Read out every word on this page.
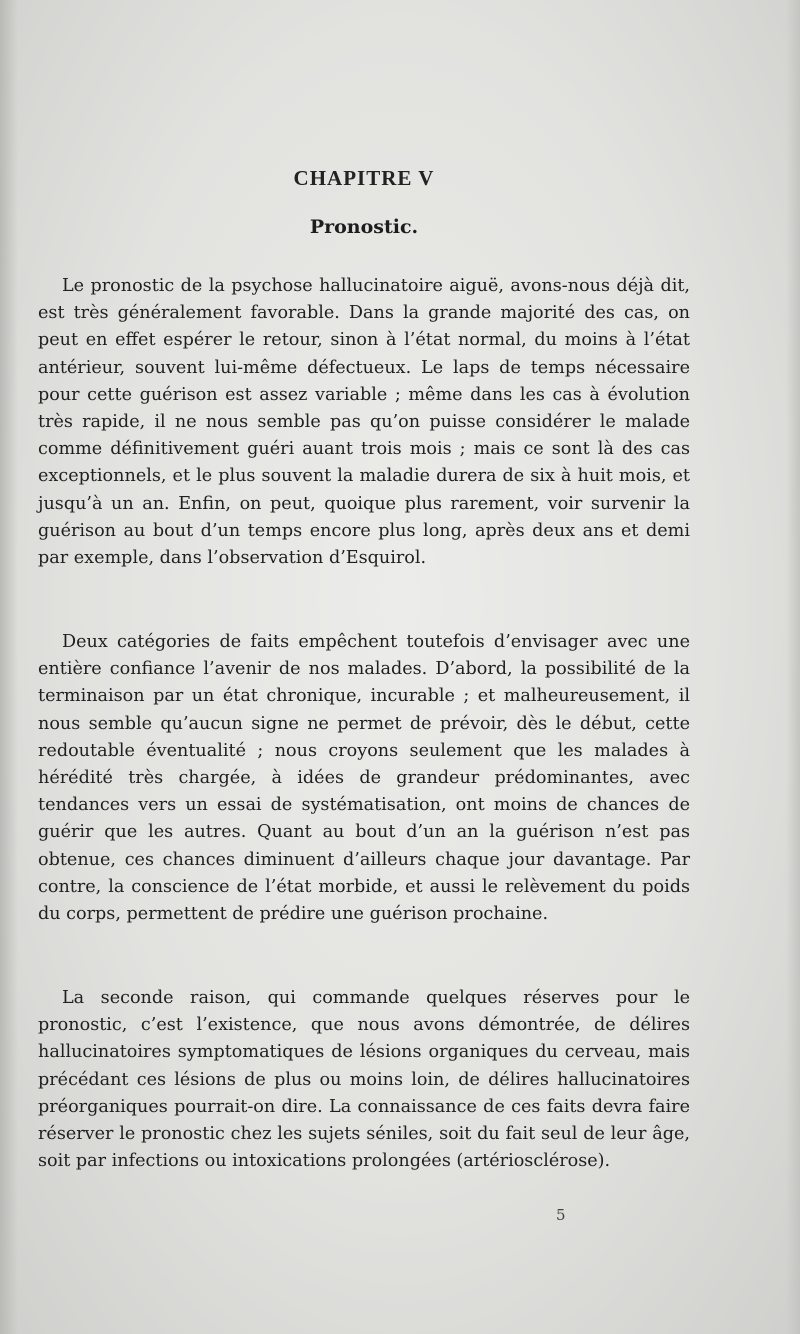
CHAPITRE V
Pronostic.

Le pronostic de la psychose hallucinatoire aiguë, avons-nous déjà dit, est très généralement favorable. Dans la grande majorité des cas, on peut en effet espérer le retour, sinon à l’état normal, du moins à l’état antérieur, souvent lui-même défectueux. Le laps de temps nécessaire pour cette guérison est assez variable ; même dans les cas à évolution très rapide, il ne nous semble pas qu’on puisse considérer le malade comme définitivement guéri auant trois mois ; mais ce sont là des cas exceptionnels, et le plus souvent la maladie durera de six à huit mois, et jusqu’à un an. Enfin, on peut, quoique plus rarement, voir survenir la guérison au bout d’un temps encore plus long, après deux ans et demi par exemple, dans l’observation d’Esquirol.

Deux catégories de faits empêchent toutefois d’envisager avec une entière confiance l’avenir de nos malades. D’abord, la possibilité de la terminaison par un état chronique, incurable ; et malheureusement, il nous semble qu’aucun signe ne permet de prévoir, dès le début, cette redoutable éventualité ; nous croyons seulement que les malades à hérédité très chargée, à idées de grandeur prédominantes, avec tendances vers un essai de systématisation, ont moins de chances de guérir que les autres. Quant au bout d’un an la guérison n’est pas obtenue, ces chances diminuent d’ailleurs chaque jour davantage. Par contre, la conscience de l’état morbide, et aussi le relèvement du poids du corps, permettent de prédire une guérison prochaine.

La seconde raison, qui commande quelques réserves pour le pronostic, c’est l’existence, que nous avons démontrée, de délires hallucinatoires symptomatiques de lésions organiques du cerveau, mais précédant ces lésions de plus ou moins loin, de délires hallucinatoires préorganiques pourrait-on dire. La connaissance de ces faits devra faire réserver le pronostic chez les sujets séniles, soit du fait seul de leur âge, soit par infections ou intoxications prolongées (artériosclérose).

5
